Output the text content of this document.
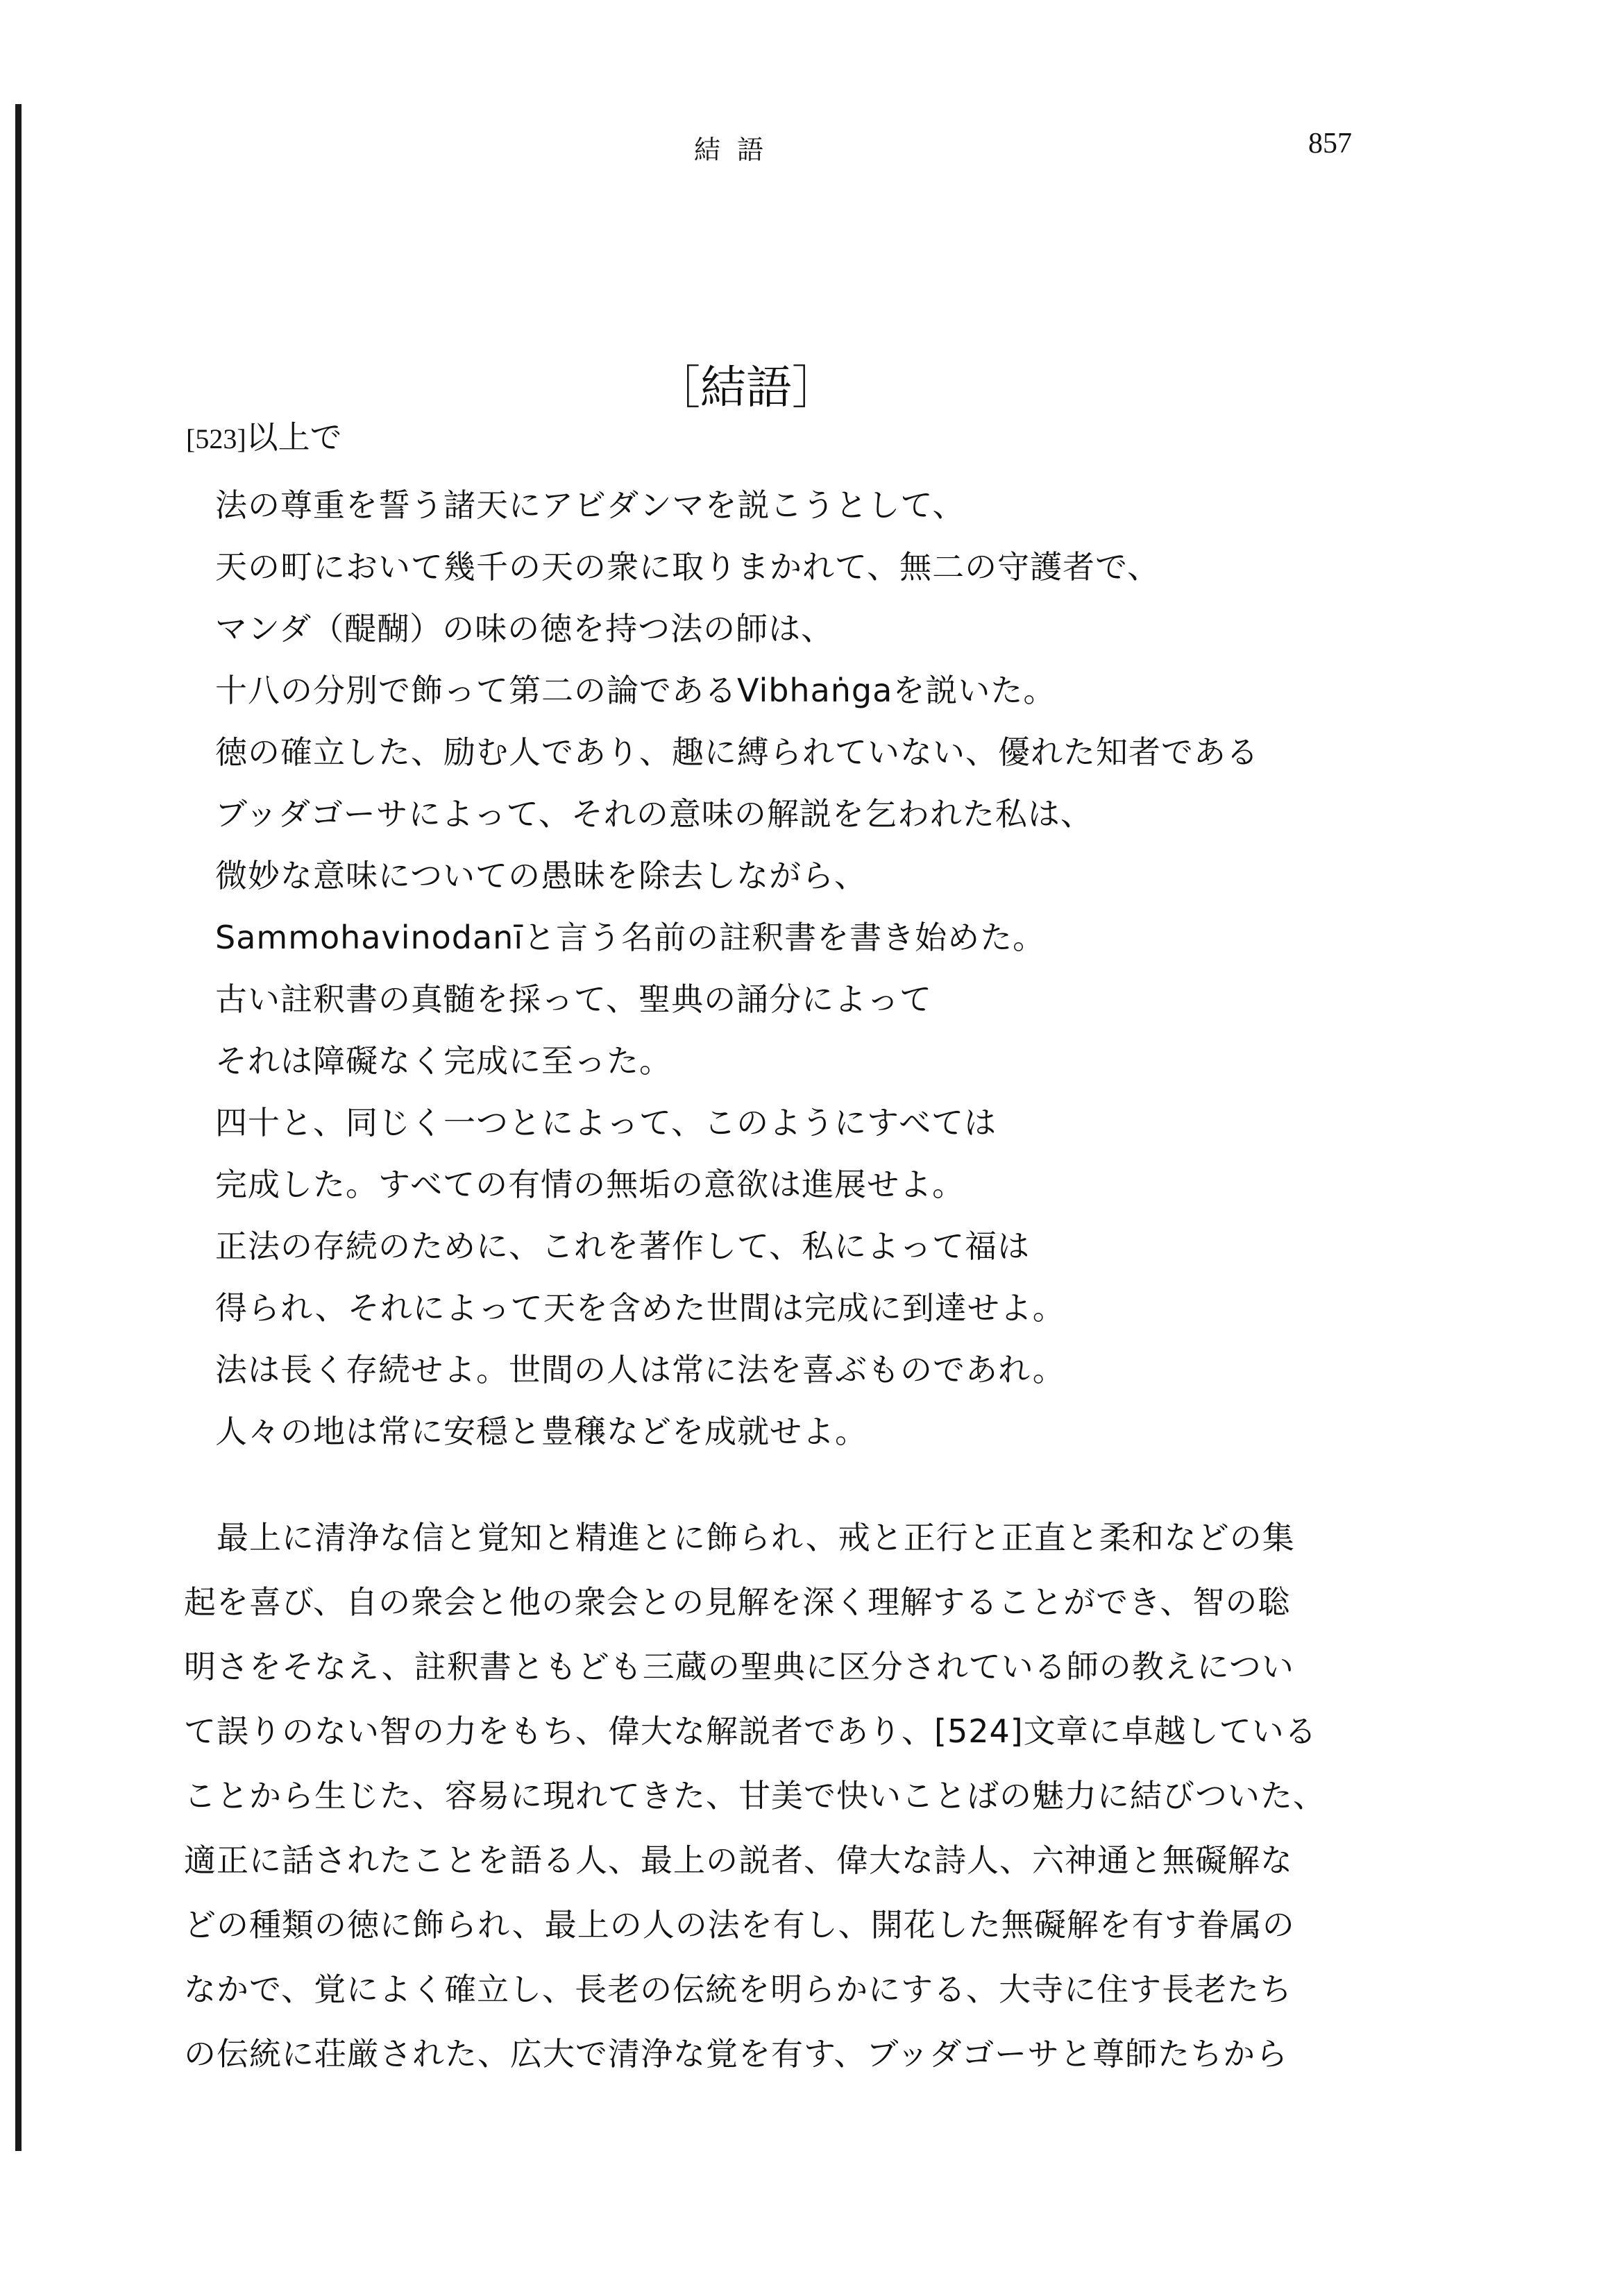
結語	857
［結語］
[523]以上で
法の尊重を誓う諸天にアビダンマを説こうとして、
天の町において幾千の天の衆に取りまかれて、無二の守護者で、
マンダ（醍醐）の味の徳を持つ法の師は、
十八の分別で飾って第二の論であるVibhaṅgaを説いた。
徳の確立した、励む人であり、趣に縛られていない、優れた知者である
ブッダゴーサによって、それの意味の解説を乞われた私は、
微妙な意味についての愚昧を除去しながら、
Sammohavinodanīと言う名前の註釈書を書き始めた。
古い註釈書の真髄を採って、聖典の誦分によって
それは障礙なく完成に至った。
四十と、同じく一つとによって、このようにすべては
完成した。すべての有情の無垢の意欲は進展せよ。
正法の存続のために、これを著作して、私によって福は
得られ、それによって天を含めた世間は完成に到達せよ。
法は長く存続せよ。世間の人は常に法を喜ぶものであれ。
人々の地は常に安穏と豊穣などを成就せよ。
　最上に清浄な信と覚知と精進とに飾られ、戒と正行と正直と柔和などの集
起を喜び、自の衆会と他の衆会との見解を深く理解することができ、智の聡
明さをそなえ、註釈書ともども三蔵の聖典に区分されている師の教えについ
て誤りのない智の力をもち、偉大な解説者であり、[524]文章に卓越している
ことから生じた、容易に現れてきた、甘美で快いことばの魅力に結びついた、
適正に話されたことを語る人、最上の説者、偉大な詩人、六神通と無礙解な
どの種類の徳に飾られ、最上の人の法を有し、開花した無礙解を有す眷属の
なかで、覚によく確立し、長老の伝統を明らかにする、大寺に住す長老たち
の伝統に荘厳された、広大で清浄な覚を有す、ブッダゴーサと尊師たちから
